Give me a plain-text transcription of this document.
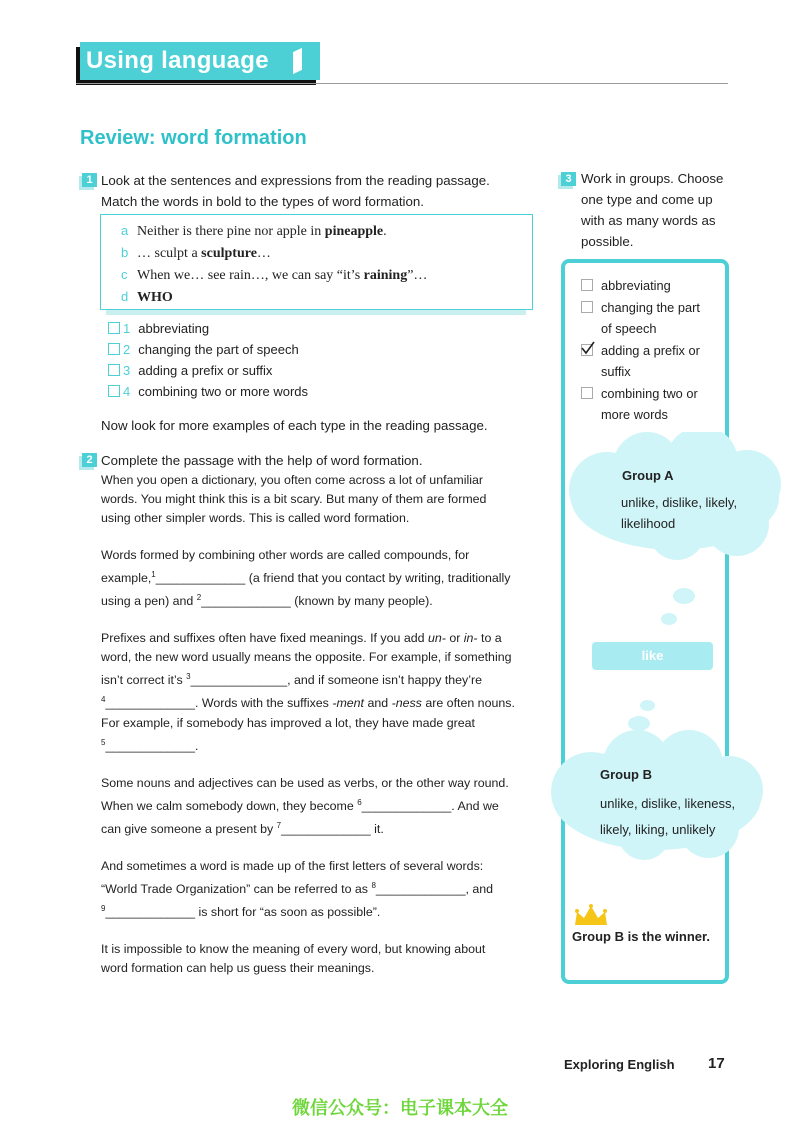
Using language
Review: word formation
1 Look at the sentences and expressions from the reading passage.
Match the words in bold to the types of word formation.
a Neither is there pine nor apple in pineapple.
b … sculpt a sculpture…
c When we… see rain…, we can say “it’s raining”…
d WHO
1 abbreviating
2 changing the part of speech
3 adding a prefix or suffix
4 combining two or more words
Now look for more examples of each type in the reading passage.
2 Complete the passage with the help of word formation.
When you open a dictionary, you often come across a lot of unfamiliar
words. You might think this is a bit scary. But many of them are formed
using other simpler words. This is called word formation.
Words formed by combining other words are called compounds, for
example,$^1$_____________ (a friend that you contact by writing, traditionally
using a pen) and $^2$_____________ (known by many people).
Prefixes and suffixes often have fixed meanings. If you add un- or in- to a
word, the new word usually means the opposite. For example, if something
isn’t correct it’s $^3$______________, and if someone isn’t happy they’re
$^4$_____________. Words with the suffixes -ment and -ness are often nouns.
For example, if somebody has improved a lot, they have made great
$^5$_____________.
Some nouns and adjectives can be used as verbs, or the other way round.
When we calm somebody down, they become $^6$_____________. And we
can give someone a present by $^7$_____________ it.
And sometimes a word is made up of the first letters of several words:
“World Trade Organization” can be referred to as $^8$_____________, and
$^9$_____________ is short for “as soon as possible”.
It is impossible to know the meaning of every word, but knowing about
word formation can help us guess their meanings.
3 Work in groups. Choose
one type and come up
with as many words as
possible.
abbreviating
changing the part
of speech
adding a prefix or
suffix
combining two or
more words
Group A
unlike, dislike, likely,
likelihood
like
Group B
unlike, dislike, likeness,
likely, liking, unlikely
Group B is the winner.
Exploring English 17
微信公众号：电子课本大全
